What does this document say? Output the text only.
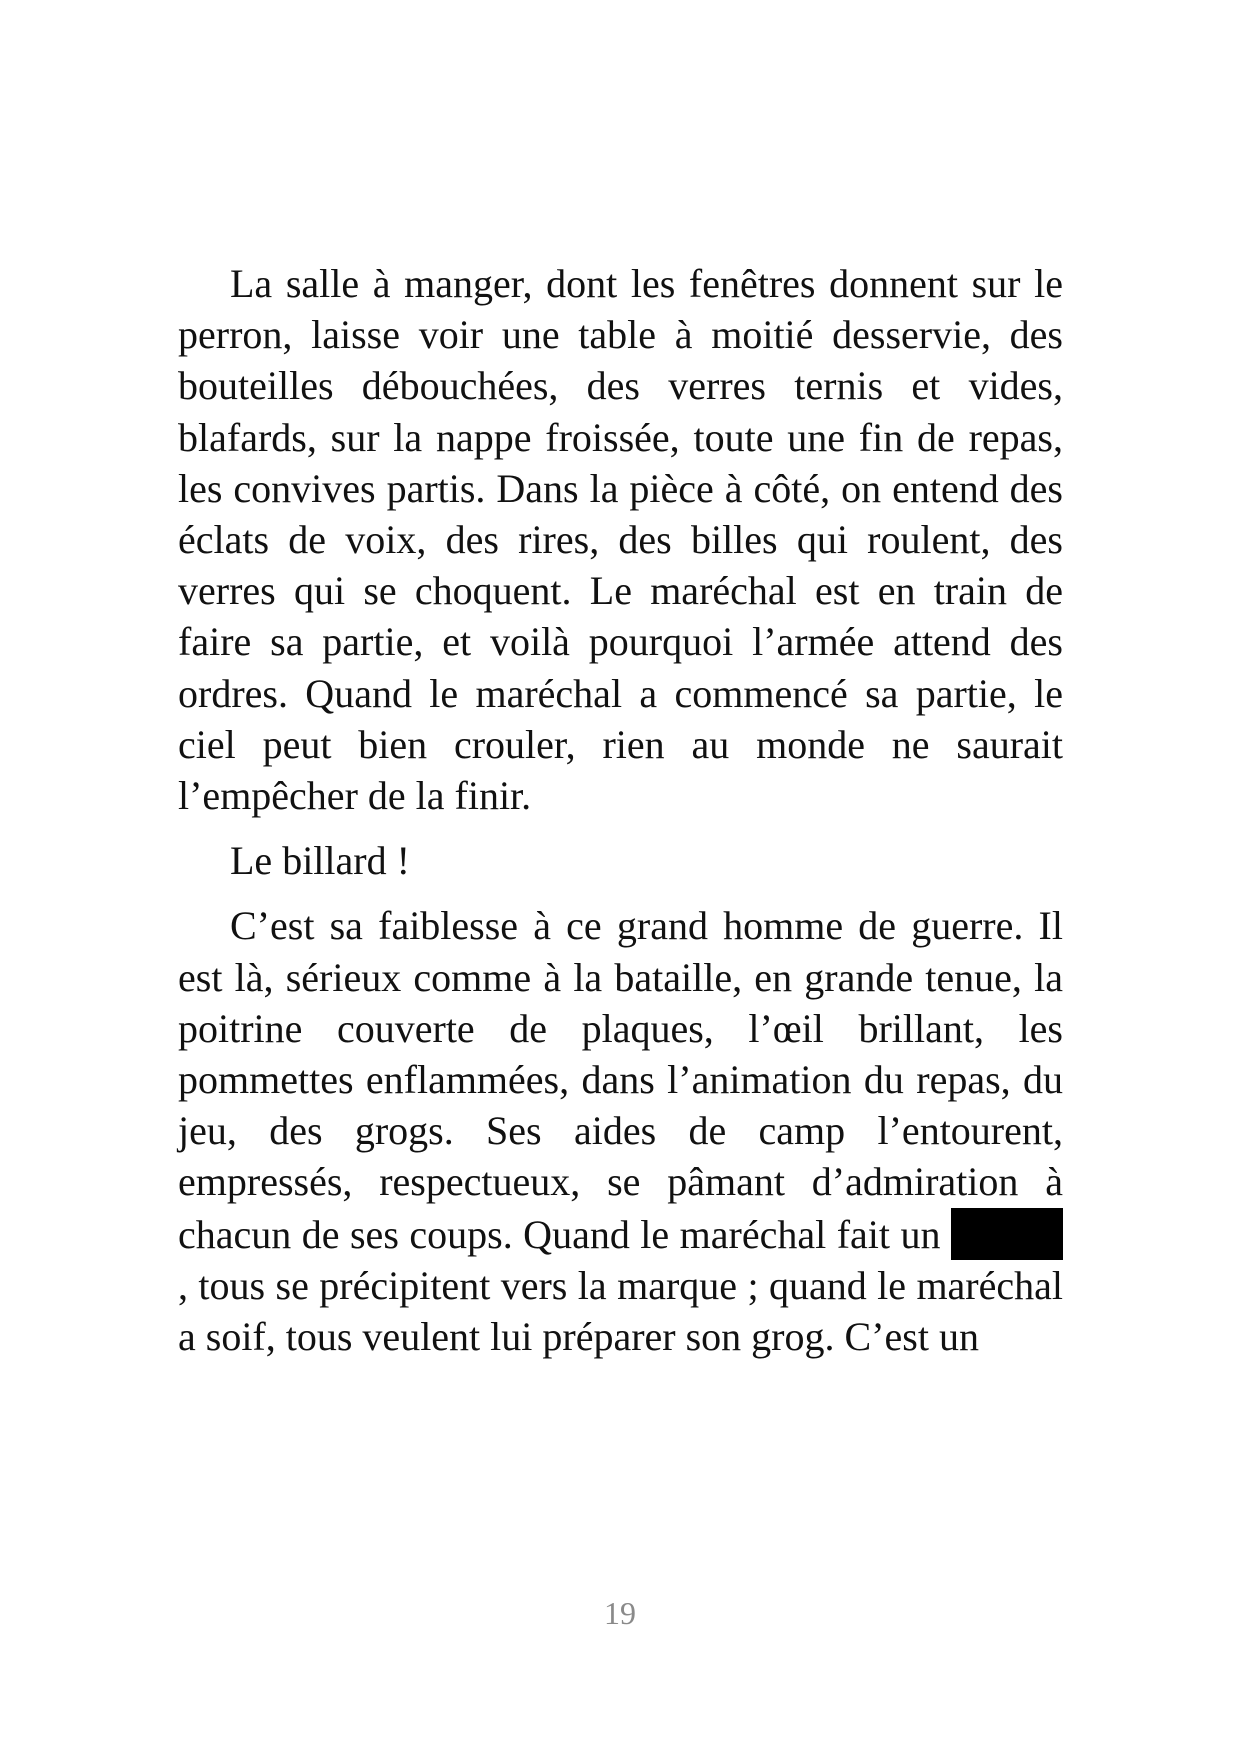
La salle à manger, dont les fenêtres donnent sur le perron, laisse voir une table à moitié desservie, des bouteilles débouchées, des verres ternis et vides, blafards, sur la nappe froissée, toute une fin de repas, les convives partis. Dans la pièce à côté, on entend des éclats de voix, des rires, des billes qui roulent, des verres qui se choquent. Le maréchal est en train de faire sa partie, et voilà pourquoi l’armée attend des ordres. Quand le maréchal a commencé sa partie, le ciel peut bien crouler, rien au monde ne saurait l’empêcher de la finir.

Le billard !

C’est sa faiblesse à ce grand homme de guerre. Il est là, sérieux comme à la bataille, en grande tenue, la poitrine couverte de plaques, l’œil brillant, les pommettes enflammées, dans l’animation du repas, du jeu, des grogs. Ses aides de camp l’entourent, empressés, respectueux, se pâmant d’admiration à chacun de ses coups. Quand le maréchal fait un , tous se précipitent vers la marque ; quand le maréchal a soif, tous veulent lui préparer son grog. C’est un

19
